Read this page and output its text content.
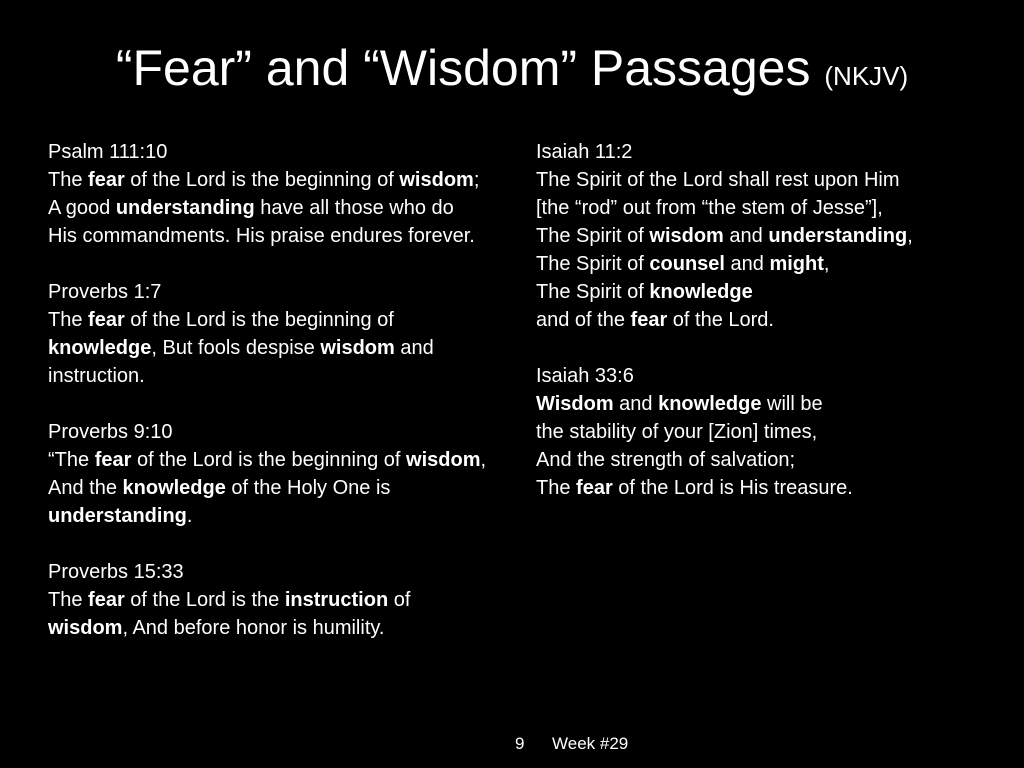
“Fear” and “Wisdom” Passages (NKJV)
Psalm 111:10
The fear of the Lord is the beginning of wisdom; A good understanding have all those who do His commandments. His praise endures forever.
Proverbs 1:7
The fear of the Lord is the beginning of knowledge, But fools despise wisdom and instruction.
Proverbs 9:10
“The fear of the Lord is the beginning of wisdom, And the knowledge of the Holy One is understanding.
Proverbs 15:33
The fear of the Lord is the instruction of wisdom, And before honor is humility.
Isaiah 11:2
The Spirit of the Lord shall rest upon Him
[the “rod” out from “the stem of Jesse”],
The Spirit of wisdom and understanding,
The Spirit of counsel and might,
The Spirit of knowledge
and of the fear of the Lord.
Isaiah 33:6
Wisdom and knowledge will be
the stability of your [Zion] times,
And the strength of salvation;
The fear of the Lord is His treasure.
9 Week #29
